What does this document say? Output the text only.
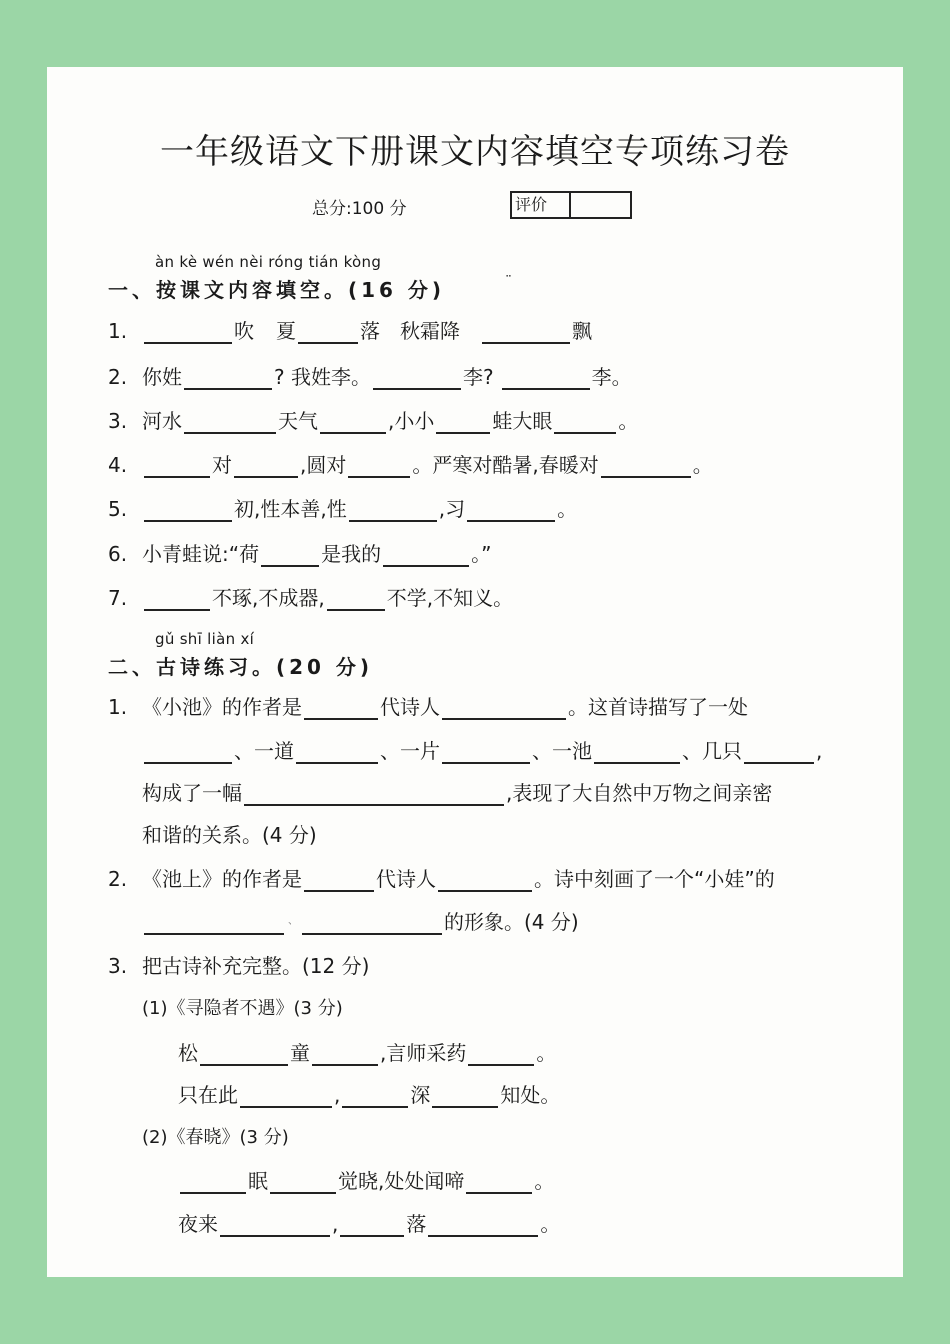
一年级语文下册课文内容填空专项练习卷
总分:100 分	评价
àn kè wén nèi róng tián kòng
一、按课文内容填空。(16 分)	¨
1.	吹 夏	落 秋霜降	飘
2. 你姓	? 我姓李。	李?	李。
3. 河水	天气	,小小	蛙大眼	。
4.	对	,圆对	。严寒对酷暑,春暖对	。
5.	初,性本善,性	,习	。
6. 小青蛙说:“荷	是我的	。”
7.	不琢,不成器,	不学,不知义。
gǔ shī liàn xí
二、古诗练习。(20 分)
1. 《小池》的作者是	代诗人	。这首诗描写了一处
、一道	、一片	、一池	、几只	,
构成了一幅	,表现了大自然中万物之间亲密
和谐的关系。(4 分)
2. 《池上》的作者是	代诗人	。诗中刻画了一个“小娃”的
、	的形象。(4 分)
3. 把古诗补充完整。(12 分)
(1)《寻隐者不遇》(3 分)
松	童	,言师采药	。
只在此	,	深	知处。
(2)《春晓》(3 分)
眠	觉晓,处处闻啼	。
夜来	,	落	。
